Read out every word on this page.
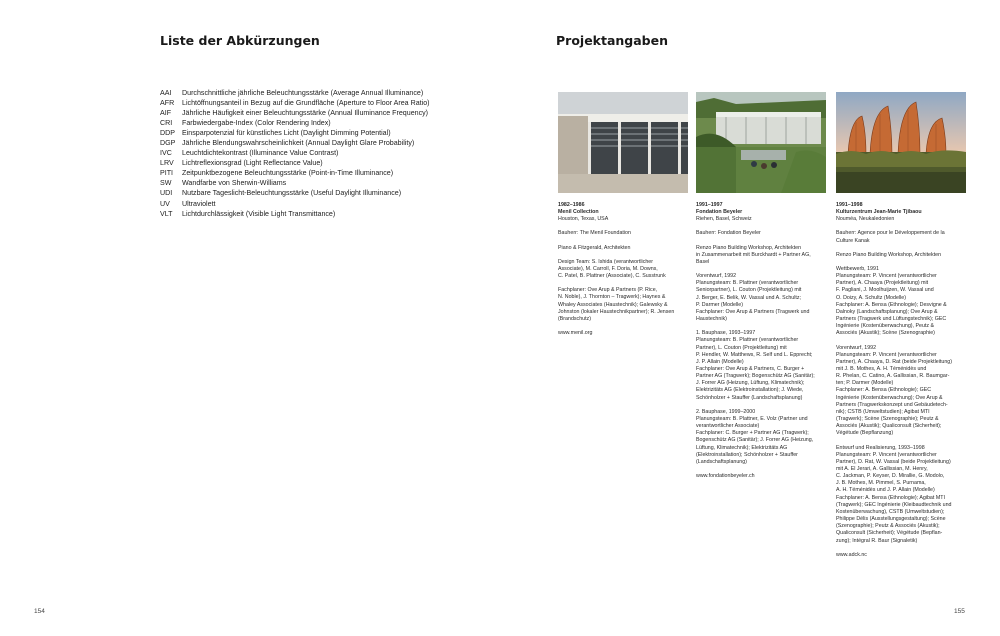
Liste der Abkürzungen
AAI	Durchschnittliche jährliche Beleuchtungsstärke (Average Annual Illuminance)
AFR	Lichtöffnungsanteil in Bezug auf die Grundfläche (Aperture to Floor Area Ratio)
AIF	Jährliche Häufigkeit einer Beleuchtungsstärke (Annual Illuminance Frequency)
CRI	Farbwiedergabe-Index (Color Rendering Index)
DDP Einsparpotenzial für künstliches Licht (Daylight Dimming Potential)
DGP Jährliche Blendungswahrscheinlichkeit (Annual Daylight Glare Probability)
IVC	Leuchtdichtekontrast (Illuminance Value Contrast)
LRV	Lichtreflexionsgrad (Light Reflectance Value)
PITI	Zeitpunktbezogene Beleuchtungsstärke (Point-in-Time Illuminance)
SW	Wandfarbe von Sherwin-Williams
UDI	Nutzbare Tageslicht-Beleuchtungsstärke (Useful Daylight Illuminance)
UV	Ultraviolett
VLT	Lichtdurchlässigkeit (Visible Light Transmittance)
154
Projektangaben
1982–1986
Menil Collection
Houston, Texas, USA
Bauherr: The Menil Foundation
Piano & Fitzgerald, Architekten
Design Team: S. Ishida (verantwortlicher
Associate), M. Carroll, F. Doria, M. Downs,
C. Patel, B. Plattner (Associate), C. Susstrunk
Fachplaner: Ove Arup & Partners (P. Rice,
N. Noble), J. Thornton – Tragwerk); Haynes &
Whaley Associates (Haustechnik); Galewsky &
Johnston (lokaler Haustechnikpartner); R. Jensen
(Brandschutz)
www.menil.org
1991–1997
Fondation Beyeler
Riehen, Basel, Schweiz
Bauherr: Fondation Beyeler
Renzo Piano Building Workshop, Architekten
in Zusammenarbeit mit Burckhardt + Partner AG,
Basel
Vorentwurf, 1992
Planungsteam: B. Plattner (verantwortlicher
Seniorpartner), L. Couton (Projektleitung) mit
J. Berger, E. Belik, W. Vassal und A. Schultz;
P. Darmer (Modelle)
Fachplaner: Ove Arup & Partners (Tragwerk und
Haustechnik)
1. Bauphase, 1993–1997
Planungsteam: B. Plattner (verantwortlicher
Partner), L. Couton (Projektleitung) mit
P. Hendler, W. Matthews, R. Self und L. Epprecht;
J. P. Allain (Modelle)
Fachplaner: Ove Arup & Partners, C. Burger +
Partner AG (Tragwerk); Bogenschütz AG (Sanitär);
J. Forrer AG (Heizung, Lüftung, Klimatechnik);
Elektrizitäts AG (Elektroinstallation); J. Wiede,
Schönholzer + Stauffer (Landschaftsplanung)
2. Bauphase, 1999–2000
Planungsteam: B. Plattner, E. Volz (Partner und
verantwortlicher Associate)
Fachplaner: C. Burger + Partner AG (Tragwerk);
Bogenschütz AG (Sanitär); J. Forrer AG (Heizung,
Lüftung, Klimatechnik); Elektrizitäts AG
(Elektroinstallation); Schönholzer + Stauffer
(Landschaftsplanung)
www.fondationbeyeler.ch
1991–1998
Kulturzentrum Jean-Marie Tjibaou
Nouméa, Neukaledonien
Bauherr: Agence pour le Développement de la
Culture Kanak
Renzo Piano Building Workshop, Architekten
Wettbewerb, 1991
Planungsteam: P. Vincent (verantwortlicher
Partner), A. Chaaya (Projektleitung) mit
F. Pagliani, J. Moolhuijzen, W. Vassal und
O. Doizy, A. Schultz (Modelle)
Fachplaner: A. Bensa (Ethnologie); Desvigne &
Dalnoky (Landschaftsplanung); Ove Arup &
Partners (Tragwerk und Lüftungstechnik); GEC
Ingénierie (Kostenüberwachung), Peutz &
Associés (Akustik); Scène (Szenographie)
Vorentwurf, 1992
Planungsteam: P. Vincent (verantwortlicher
Partner), A. Chaaya, D. Rat (beide Projektleitung)
mit J. B. Mothes, A. H. Téménidès und
R. Phelan, C. Catino, A. Gallissian, R. Baumgar-
ten; P. Darmer (Modelle)
Fachplaner: A. Bensa (Ethnologie); GEC
Ingénierie (Kostenüberwachung); Ove Arup &
Partners (Tragwerkskonzept und Gebäudetech-
nik); CSTB (Umweltstudien); Agibat MTI
(Tragwerk); Scène (Szenographie); Peutz &
Associés (Akustik); Qualiconsult (Sicherheit);
Végétude (Bepflanzung)
Entwurf und Realisierung, 1993–1998
Planungsteam: P. Vincent (verantwortlicher
Partner), D. Rat, W. Vassal (beide Projektleitung)
mit A. El Jerari, A. Gallissian, M. Henry,
C. Jackman, P. Keyser, D. Mirallie, G. Modolo,
J. B. Mothes, M. Pimmel, S. Purnama,
A. H. Téménidès und J. P. Allain (Modelle)
Fachplaner: A. Bensa (Ethnologie); Agibat MTI
(Tragwerk); GEC Ingénierie (Kleibaudtechnik und
Kostenüberwachung), CSTB (Umweltstudien);
Philippe Délis (Ausstellungsgestaltung); Scène
(Szenographie); Peutz & Associés (Akustik);
Qualiconsult (Sicherheit); Végétude (Bepflan-
zung); Intégral R. Baur (Signaletik)
www.adck.nc
155
